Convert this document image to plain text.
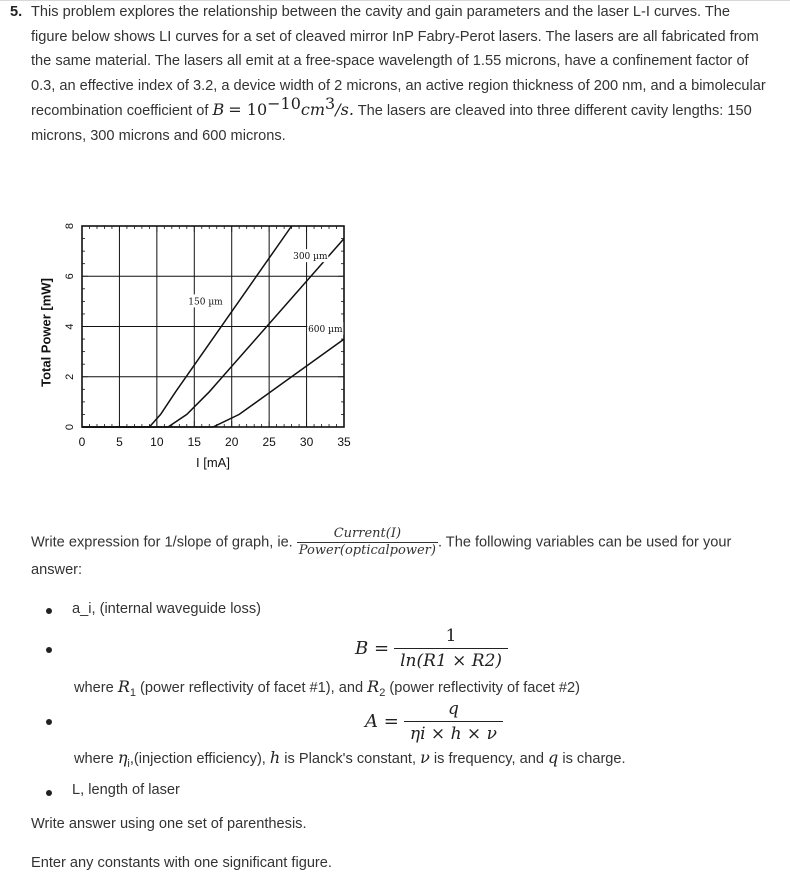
5. This problem explores the relationship between the cavity and gain parameters and the laser L-I curves. The
figure below shows LI curves for a set of cleaved mirror InP Fabry-Perot lasers. The lasers are all fabricated from
the same material. The lasers all emit at a free-space wavelength of 1.55 microns, have a confinement factor of
0.3, an effective index of 3.2, a device width of 2 microns, an active region thickness of 200 nm, and a bimolecular
recombination coefficient of $B = 10^{-10}cm^3/s$. The lasers are cleaved into three different cavity lengths: 150
microns, 300 microns and 600 microns.
0	5 10 15 20 25 30 35
0
2
4
6
8
I [mA]
Total Power [mW]	150 µm
300 µm
600 µm
Write expression for 1/slope of graph, ie. $\frac{\text{Current(I)}}{\text{Power(opticalpower)}}$ . The following variables can be used for your
answer:
a_i, (internal waveguide loss)
$B = \frac{1}{\ln(R1 \times R2)}$
where $R_1$ (power reflectivity of facet #1), and $R_2$ (power reflectivity of facet #2)
$A = \frac{q}{\eta i \times h \times \nu}$
where $\eta_i,(injection$ efficiency), h is Planck's constant, ν is frequency, and q is charge.
L, length of laser
Write answer using one set of parenthesis.
Enter any constants with one significant figure.
